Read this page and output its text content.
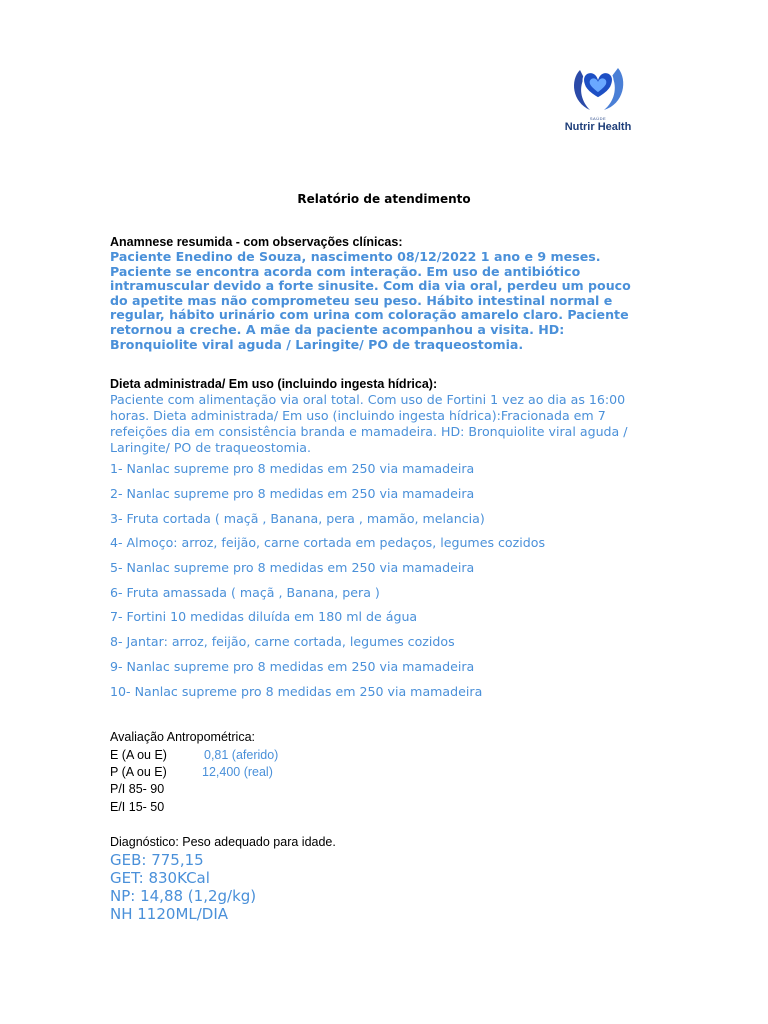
SAÚDE
Nutrir Health
Relatório de atendimento
Anamnese resumida - com observações clínicas:
Paciente Enedino de Souza, nascimento 08/12/2022 1 ano e 9 meses.
Paciente se encontra acorda com interação. Em uso de antibiótico
intramuscular devido a forte sinusite. Com dia via oral, perdeu um pouco
do apetite mas não comprometeu seu peso. Hábito intestinal normal e
regular, hábito urinário com urina com coloração amarelo claro. Paciente
retornou a creche. A mãe da paciente acompanhou a visita. HD:
Bronquiolite viral aguda / Laringite/ PO de traqueostomia.
Dieta administrada/ Em uso (incluindo ingesta hídrica):
Paciente com alimentação via oral total. Com uso de Fortini 1 vez ao dia as 16:00
horas. Dieta administrada/ Em uso (incluindo ingesta hídrica):Fracionada em 7
refeições dia em consistência branda e mamadeira. HD: Bronquiolite viral aguda /
Laringite/ PO de traqueostomia.
1- Nanlac supreme pro 8 medidas em 250 via mamadeira
2- Nanlac supreme pro 8 medidas em 250 via mamadeira
3- Fruta cortada ( maçã , Banana, pera , mamão, melancia)
4- Almoço: arroz, feijão, carne cortada em pedaços, legumes cozidos
5- Nanlac supreme pro 8 medidas em 250 via mamadeira
6- Fruta amassada ( maçã , Banana, pera )
7- Fortini 10 medidas diluída em 180 ml de água
8- Jantar: arroz, feijão, carne cortada, legumes cozidos
9- Nanlac supreme pro 8 medidas em 250 via mamadeira
10- Nanlac supreme pro 8 medidas em 250 via mamadeira
Avaliação Antropométrica:
E (A ou E)	0,81 (aferido)
P (A ou E)	12,400 (real)
P/I 85- 90
E/I 15- 50
Diagnóstico: Peso adequado para idade.
GEB: 775,15
GET: 830KCal
NP: 14,88 (1,2g/kg)
NH 1120ML/DIA
